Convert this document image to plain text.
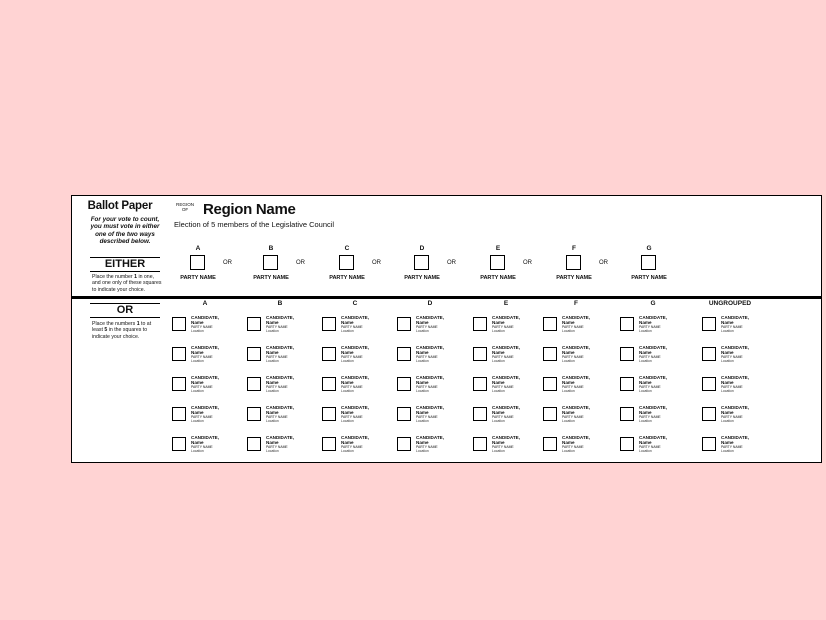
Ballot Paper
For your vote to count, you must vote in either one of the two ways described below.
EITHER
Place the number 1 in one, and one only of these squares to indicate your choice.
OR
Place the numbers 1 to at least 5 in the squares to indicate your choice.
REGION
OF Region Name
Election of 5 members of the Legislative Council
A
OR
PARTY NAME
B
OR
PARTY NAME
C
OR
PARTY NAME
D
OR
PARTY NAME
E
OR
PARTY NAME
F
OR
PARTY NAME
G
PARTY NAME
A
CANDIDATE,
Name
PARTY NAME
Location
CANDIDATE,
Name
PARTY NAME
Location
CANDIDATE,
Name
PARTY NAME
Location
CANDIDATE,
Name
PARTY NAME
Location
CANDIDATE,
Name
PARTY NAME
Location
B
CANDIDATE,
Name
PARTY NAME
Location
CANDIDATE,
Name
PARTY NAME
Location
CANDIDATE,
Name
PARTY NAME
Location
CANDIDATE,
Name
PARTY NAME
Location
CANDIDATE,
Name
PARTY NAME
Location
C
CANDIDATE,
Name
PARTY NAME
Location
CANDIDATE,
Name
PARTY NAME
Location
CANDIDATE,
Name
PARTY NAME
Location
CANDIDATE,
Name
PARTY NAME
Location
CANDIDATE,
Name
PARTY NAME
Location
D
CANDIDATE,
Name
PARTY NAME
Location
CANDIDATE,
Name
PARTY NAME
Location
CANDIDATE,
Name
PARTY NAME
Location
CANDIDATE,
Name
PARTY NAME
Location
CANDIDATE,
Name
PARTY NAME
Location
E
CANDIDATE,
Name
PARTY NAME
Location
CANDIDATE,
Name
PARTY NAME
Location
CANDIDATE,
Name
PARTY NAME
Location
CANDIDATE,
Name
PARTY NAME
Location
CANDIDATE,
Name
PARTY NAME
Location
F
CANDIDATE,
Name
PARTY NAME
Location
CANDIDATE,
Name
PARTY NAME
Location
CANDIDATE,
Name
PARTY NAME
Location
CANDIDATE,
Name
PARTY NAME
Location
CANDIDATE,
Name
PARTY NAME
Location
G
CANDIDATE,
Name
PARTY NAME
Location
CANDIDATE,
Name
PARTY NAME
Location
CANDIDATE,
Name
PARTY NAME
Location
CANDIDATE,
Name
PARTY NAME
Location
CANDIDATE,
Name
PARTY NAME
Location
UNGROUPED
CANDIDATE,
Name
PARTY NAME
Location
CANDIDATE,
Name
PARTY NAME
Location
CANDIDATE,
Name
PARTY NAME
Location
CANDIDATE,
Name
PARTY NAME
Location
CANDIDATE,
Name
PARTY NAME
Location
